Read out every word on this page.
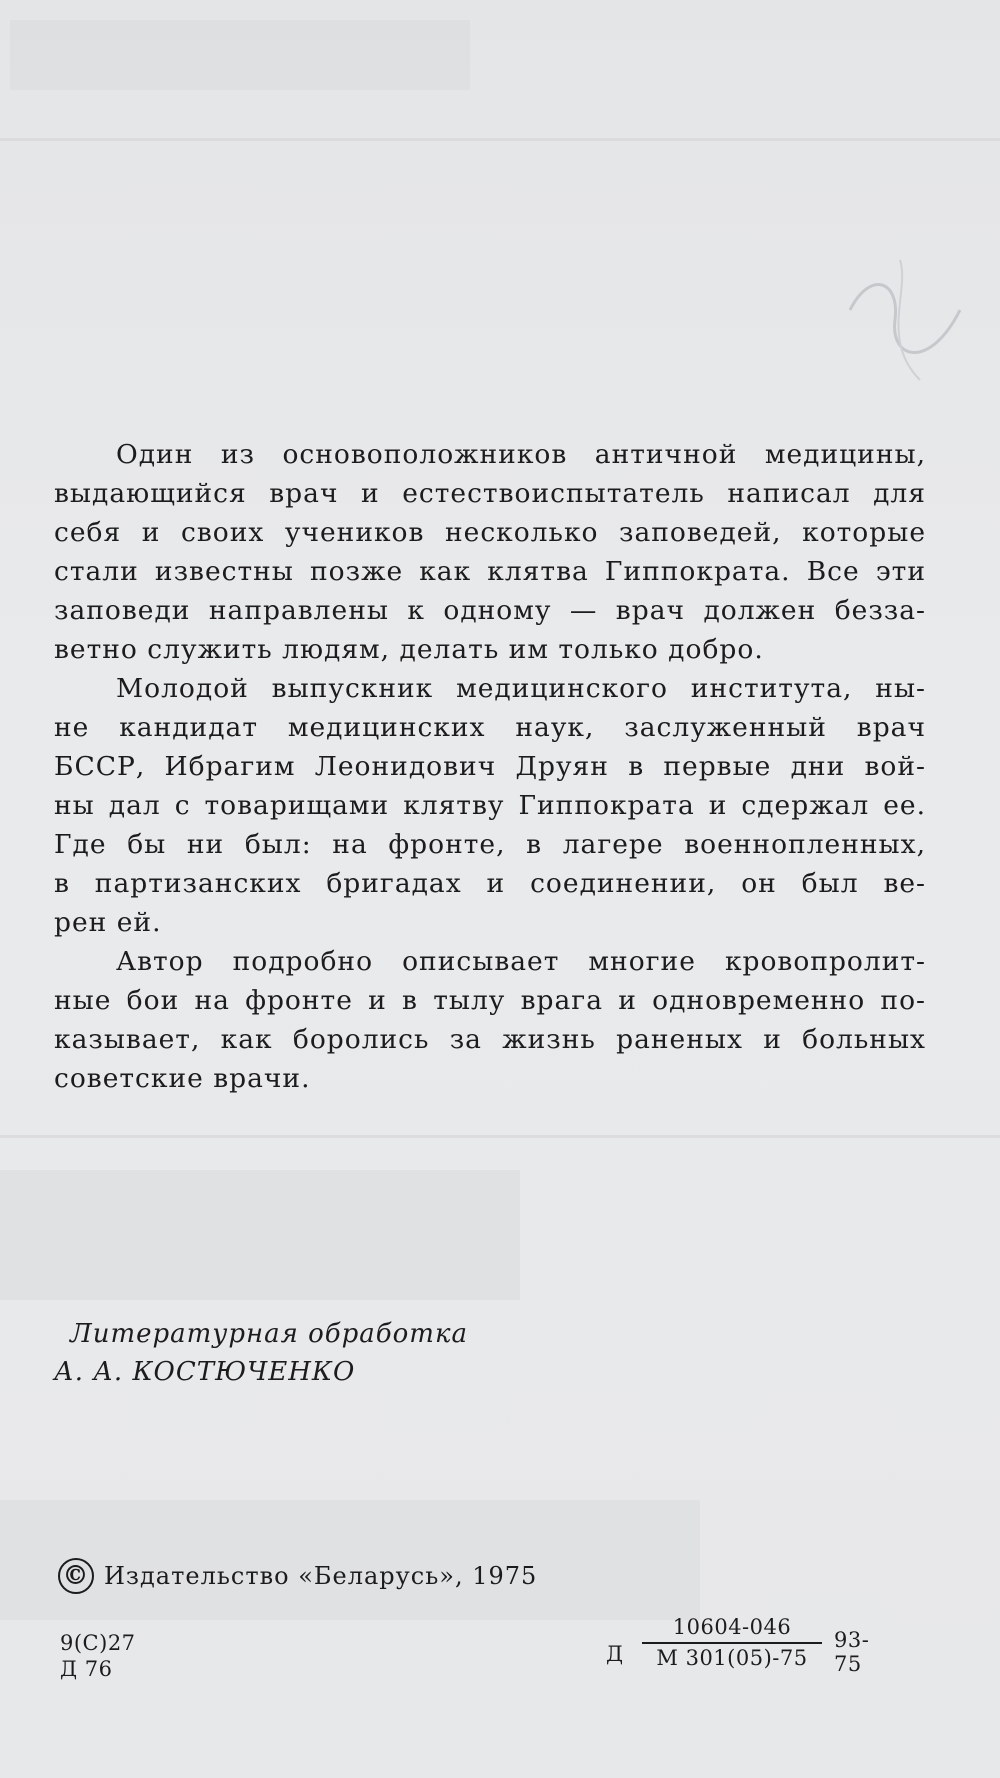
Один из основоположников античной медицины,
выдающийся врач и естествоиспытатель написал для
себя и своих учеников несколько заповедей, которые
стали известны позже как клятва Гиппократа. Все эти
заповеди направлены к одному — врач должен безза-
ветно служить людям, делать им только добро.

Молодой выпускник медицинского института, ны-
не кандидат медицинских наук, заслуженный врач
БССР, Ибрагим Леонидович Друян в первые дни вой-
ны дал с товарищами клятву Гиппократа и сдержал ее.
Где бы ни был: на фронте, в лагере военнопленных,
в партизанских бригадах и соединении, он был ве-
рен ей.

Автор подробно описывает многие кровопролит-
ные бои на фронте и в тылу врага и одновременно по-
казывает, как боролись за жизнь раненых и больных
советские врачи.

Литературная обработка
А. А. КОСТЮЧЕНКО
© Издательство «Беларусь», 1975
9(С)27
Д 76
Д
10604-046
М 301(05)-75
93-75
